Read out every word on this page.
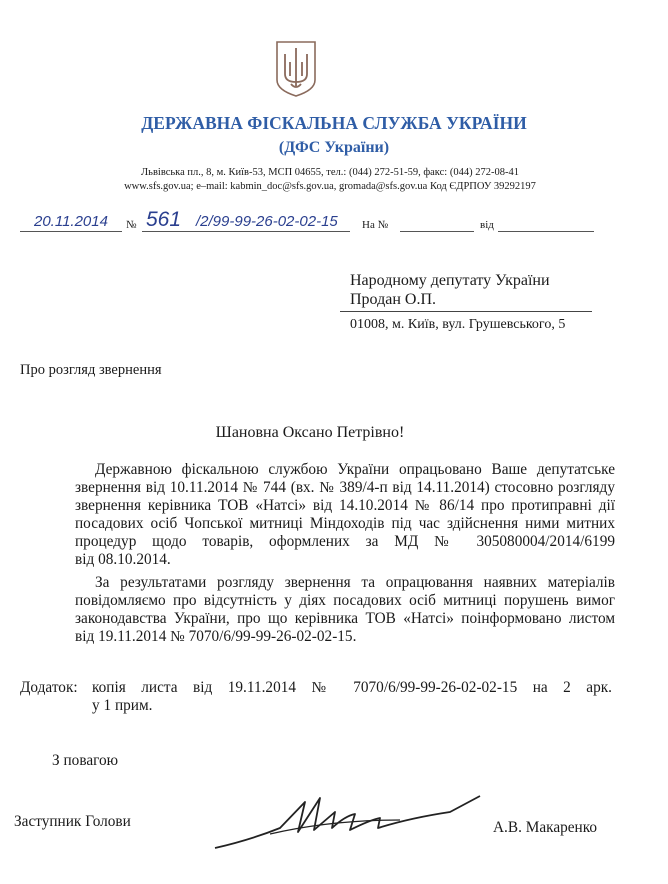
ДЕРЖАВНА ФІСКАЛЬНА СЛУЖБА УКРАЇНИ
(ДФС України)
Львівська пл., 8, м. Київ-53, МСП 04655, тел.: (044) 272-51-59, факс: (044) 272-08-41
www.sfs.gov.ua; e–mail: kabmin_doc@sfs.gov.ua, gromada@sfs.gov.ua Код ЄДРПОУ 39292197
20.11.2014 № 561 /2/99-99-26-02-02-15 На №	від
Народному депутату України
Продан О.П.
01008, м. Київ, вул. Грушевського, 5
Про розгляд звернення
Шановна Оксано Петрівно!
Державною фіскальною службою України опрацьовано Ваше депутатське
звернення від 10.11.2014 № 744 (вх. № 389/4-п від 14.11.2014) стосовно розгляду
звернення керівника ТОВ «Натсі» від 14.10.2014 № 86/14 про протиправні дії
посадових осіб Чопської митниці Міндоходів під час здійснення ними митних
процедур щодо товарів, оформлених за МД № 305080004/2014/6199
від 08.10.2014.
За результатами розгляду звернення та опрацювання наявних матеріалів
повідомляємо про відсутність у діях посадових осіб митниці порушень вимог
законодавства України, про що керівника ТОВ «Натсі» поінформовано листом
від 19.11.2014 № 7070/6/99-99-26-02-02-15.
Додаток: копія листа від 19.11.2014 № 7070/6/99-99-26-02-02-15 на 2 арк.
у 1 прим.
З повагою
Заступник Голови	А.В. Макаренко
